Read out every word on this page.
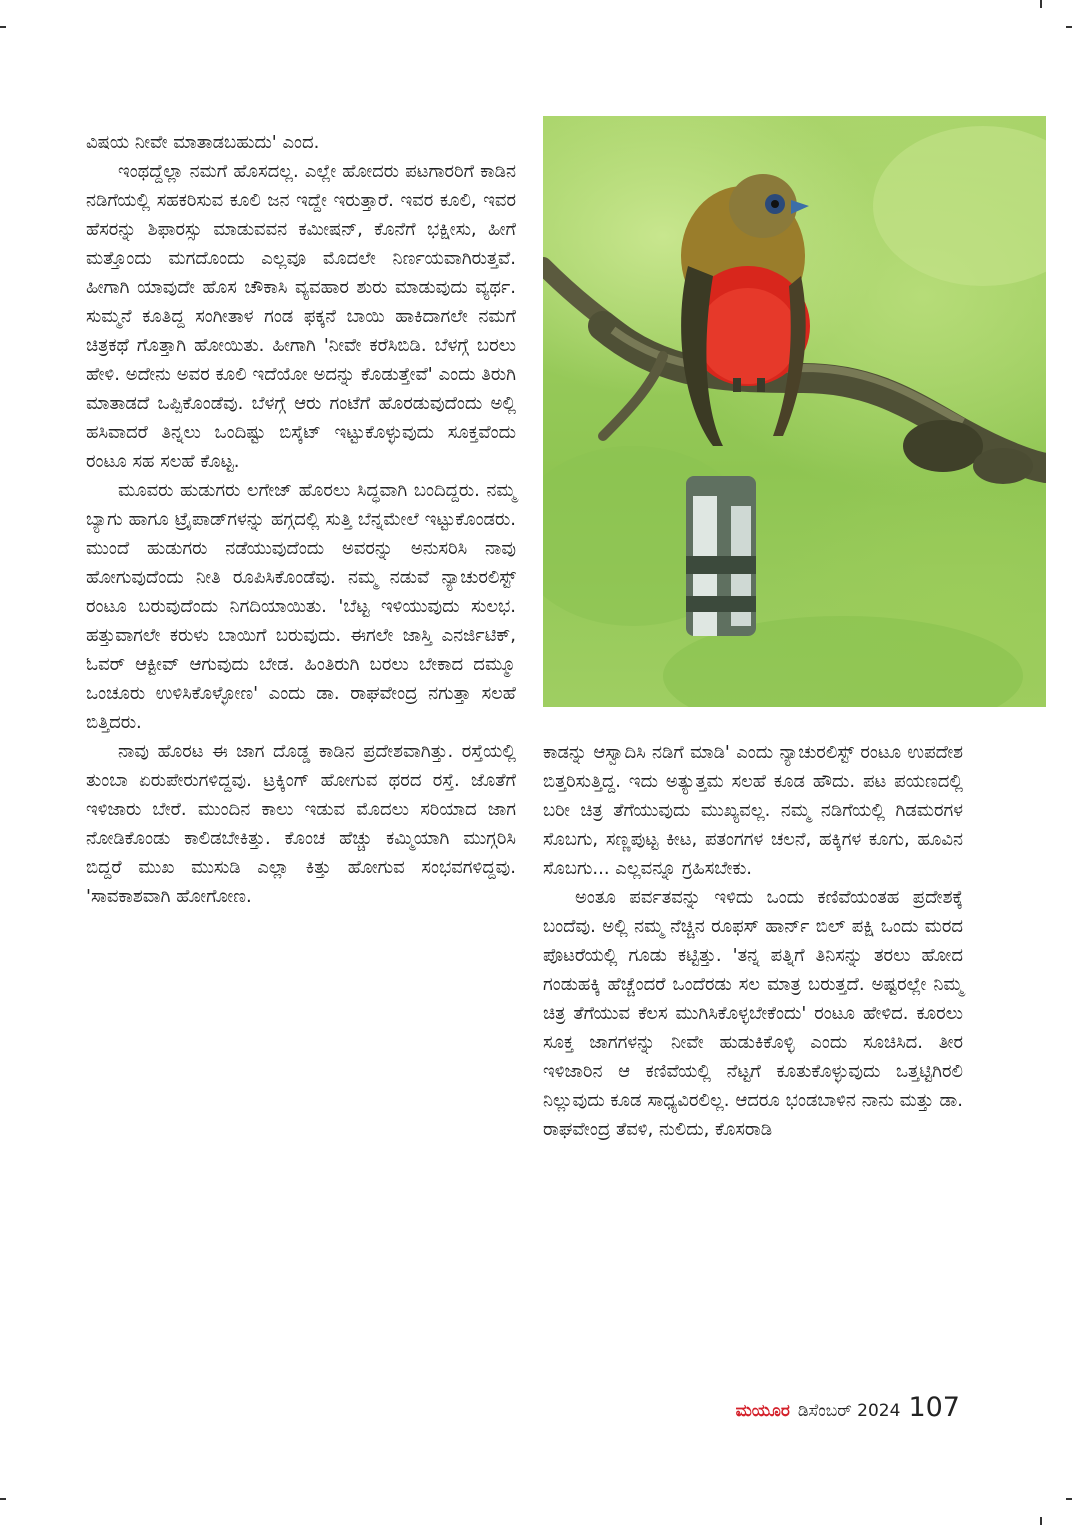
ವಿಷಯ ನೀವೇ ಮಾತಾಡಬಹುದು' ಎಂದ.

ಇಂಥದ್ದೆಲ್ಲಾ ನಮಗೆ ಹೊಸದಲ್ಲ. ಎಲ್ಲೇ ಹೋದರು ಪಟಗಾರರಿಗೆ ಕಾಡಿನ ನಡಿಗೆಯಲ್ಲಿ ಸಹಕರಿಸುವ ಕೂಲಿ ಜನ ಇದ್ದೇ ಇರುತ್ತಾರೆ. ಇವರ ಕೂಲಿ, ಇವರ ಹೆಸರನ್ನು ಶಿಫಾರಸ್ಸು ಮಾಡುವವನ ಕಮೀಷನ್, ಕೊನೆಗೆ ಭಕ್ಷೀಸು, ಹೀಗೆ ಮತ್ತೊಂದು ಮಗದೊಂದು ಎಲ್ಲವೂ ಮೊದಲೇ ನಿರ್ಣಯವಾಗಿರುತ್ತವೆ. ಹೀಗಾಗಿ ಯಾವುದೇ ಹೊಸ ಚೌಕಾಸಿ ವ್ಯವಹಾರ ಶುರು ಮಾಡುವುದು ವ್ಯರ್ಥ. ಸುಮ್ಮನೆ ಕೂತಿದ್ದ ಸಂಗೀತಾಳ ಗಂಡ ಫಕ್ಕನೆ ಬಾಯಿ ಹಾಕಿದಾಗಲೇ ನಮಗೆ ಚಿತ್ರಕಥೆ ಗೊತ್ತಾಗಿ ಹೋಯಿತು. ಹೀಗಾಗಿ 'ನೀವೇ ಕರೆಸಿಬಿಡಿ. ಬೆಳಗ್ಗೆ ಬರಲು ಹೇಳಿ. ಅದೇನು ಅವರ ಕೂಲಿ ಇದೆಯೋ ಅದನ್ನು ಕೊಡುತ್ತೇವೆ' ಎಂದು ತಿರುಗಿ ಮಾತಾಡದೆ ಒಪ್ಪಿಕೊಂಡೆವು. ಬೆಳಗ್ಗೆ ಆರು ಗಂಟೆಗೆ ಹೊರಡುವುದೆಂದು ಅಲ್ಲಿ ಹಸಿವಾದರೆ ತಿನ್ನಲು ಒಂದಿಷ್ಟು ಬಿಸ್ಕೆಟ್ ಇಟ್ಟುಕೊಳ್ಳುವುದು ಸೂಕ್ತವೆಂದು ರಂಟೂ ಸಹ ಸಲಹೆ ಕೊಟ್ಟ.

ಮೂವರು ಹುಡುಗರು ಲಗೇಜ್ ಹೊರಲು ಸಿದ್ಧವಾಗಿ ಬಂದಿದ್ದರು. ನಮ್ಮ ಬ್ಯಾಗು ಹಾಗೂ ಟ್ರೈಪಾಡ್‌ಗಳನ್ನು ಹಗ್ಗದಲ್ಲಿ ಸುತ್ತಿ ಬೆನ್ನಮೇಲೆ ಇಟ್ಟುಕೊಂಡರು. ಮುಂದೆ ಹುಡುಗರು ನಡೆಯುವುದೆಂದು ಅವರನ್ನು ಅನುಸರಿಸಿ ನಾವು ಹೋಗುವುದೆಂದು ನೀತಿ ರೂಪಿಸಿಕೊಂಡೆವು. ನಮ್ಮ ನಡುವೆ ನ್ಯಾಚುರಲಿಸ್ಟ್ ರಂಟೂ ಬರುವುದೆಂದು ನಿಗದಿಯಾಯಿತು. 'ಬೆಟ್ಟ ಇಳಿಯುವುದು ಸುಲಭ. ಹತ್ತುವಾಗಲೇ ಕರುಳು ಬಾಯಿಗೆ ಬರುವುದು. ಈಗಲೇ ಜಾಸ್ತಿ ಎನರ್ಜಿಟಿಕ್, ಓವರ್ ಆಕ್ಟೀವ್ ಆಗುವುದು ಬೇಡ. ಹಿಂತಿರುಗಿ ಬರಲು ಬೇಕಾದ ದಮ್ಮೂ ಒಂಚೂರು ಉಳಿಸಿಕೊಳ್ಳೋಣ' ಎಂದು ಡಾ. ರಾಘವೇಂದ್ರ ನಗುತ್ತಾ ಸಲಹೆ ಬಿತ್ತಿದರು.

ನಾವು ಹೊರಟ ಈ ಜಾಗ ದೊಡ್ಡ ಕಾಡಿನ ಪ್ರದೇಶವಾಗಿತ್ತು. ರಸ್ತೆಯಲ್ಲಿ ತುಂಬಾ ಏರುಪೇರುಗಳಿದ್ದವು. ಟ್ರಕ್ಕಿಂಗ್ ಹೋಗುವ ಥರದ ರಸ್ತೆ. ಜೊತೆಗೆ ಇಳಿಜಾರು ಬೇರೆ. ಮುಂದಿನ ಕಾಲು ಇಡುವ ಮೊದಲು ಸರಿಯಾದ ಜಾಗ ನೋಡಿಕೊಂಡು ಕಾಲಿಡಬೇಕಿತ್ತು. ಕೊಂಚ ಹೆಚ್ಚು ಕಮ್ಮಿಯಾಗಿ ಮುಗ್ಗರಿಸಿ ಬಿದ್ದರೆ ಮುಖ ಮುಸುಡಿ ಎಲ್ಲಾ ಕಿತ್ತು ಹೋಗುವ ಸಂಭವಗಳಿದ್ದವು. 'ಸಾವಕಾಶವಾಗಿ ಹೋಗೋಣ.

ಕಾಡನ್ನು ಆಸ್ವಾದಿಸಿ ನಡಿಗೆ ಮಾಡಿ' ಎಂದು ನ್ಯಾಚುರಲಿಸ್ಟ್ ರಂಟೂ ಉಪದೇಶ ಬಿತ್ತರಿಸುತ್ತಿದ್ದ. ಇದು ಅತ್ಯುತ್ತಮ ಸಲಹೆ ಕೂಡ ಹೌದು. ಪಟ ಪಯಣದಲ್ಲಿ ಬರೀ ಚಿತ್ರ ತೆಗೆಯುವುದು ಮುಖ್ಯವಲ್ಲ. ನಮ್ಮ ನಡಿಗೆಯಲ್ಲಿ ಗಿಡಮರಗಳ ಸೊಬಗು, ಸಣ್ಣಪುಟ್ಟ ಕೀಟ, ಪತಂಗಗಳ ಚಲನೆ, ಹಕ್ಕಿಗಳ ಕೂಗು, ಹೂವಿನ ಸೊಬಗು... ಎಲ್ಲವನ್ನೂ ಗ್ರಹಿಸಬೇಕು.

ಅಂತೂ ಪರ್ವತವನ್ನು ಇಳಿದು ಒಂದು ಕಣಿವೆಯಂತಹ ಪ್ರದೇಶಕ್ಕೆ ಬಂದೆವು. ಅಲ್ಲಿ ನಮ್ಮ ನೆಚ್ಚಿನ ರೂಫಸ್ ಹಾರ್ನ್ ಬಿಲ್ ಪಕ್ಷಿ ಒಂದು ಮರದ ಪೊಟರೆಯಲ್ಲಿ ಗೂಡು ಕಟ್ಟಿತ್ತು. 'ತನ್ನ ಪತ್ನಿಗೆ ತಿನಿಸನ್ನು ತರಲು ಹೋದ ಗಂಡುಹಕ್ಕಿ ಹೆಚ್ಚೆಂದರೆ ಒಂದೆರಡು ಸಲ ಮಾತ್ರ ಬರುತ್ತದೆ. ಅಷ್ಟರಲ್ಲೇ ನಿಮ್ಮ ಚಿತ್ರ ತೆಗೆಯುವ ಕೆಲಸ ಮುಗಿಸಿಕೊಳ್ಳಬೇಕೆಂದು' ರಂಟೂ ಹೇಳಿದ. ಕೂರಲು ಸೂಕ್ತ ಜಾಗಗಳನ್ನು ನೀವೇ ಹುಡುಕಿಕೊಳ್ಳಿ ಎಂದು ಸೂಚಿಸಿದ. ತೀರ ಇಳಿಜಾರಿನ ಆ ಕಣಿವೆಯಲ್ಲಿ ನೆಟ್ಟಗೆ ಕೂತುಕೊಳ್ಳುವುದು ಒತ್ತಟ್ಟಿಗಿರಲಿ ನಿಲ್ಲುವುದು ಕೂಡ ಸಾಧ್ಯವಿರಲಿಲ್ಲ. ಆದರೂ ಭಂಡಬಾಳಿನ ನಾನು ಮತ್ತು ಡಾ. ರಾಘವೇಂದ್ರ ತೆವಳಿ, ನುಲಿದು, ಕೊಸರಾಡಿ

ಮಯೂರ ಡಿಸೆಂಬರ್ 2024 107
